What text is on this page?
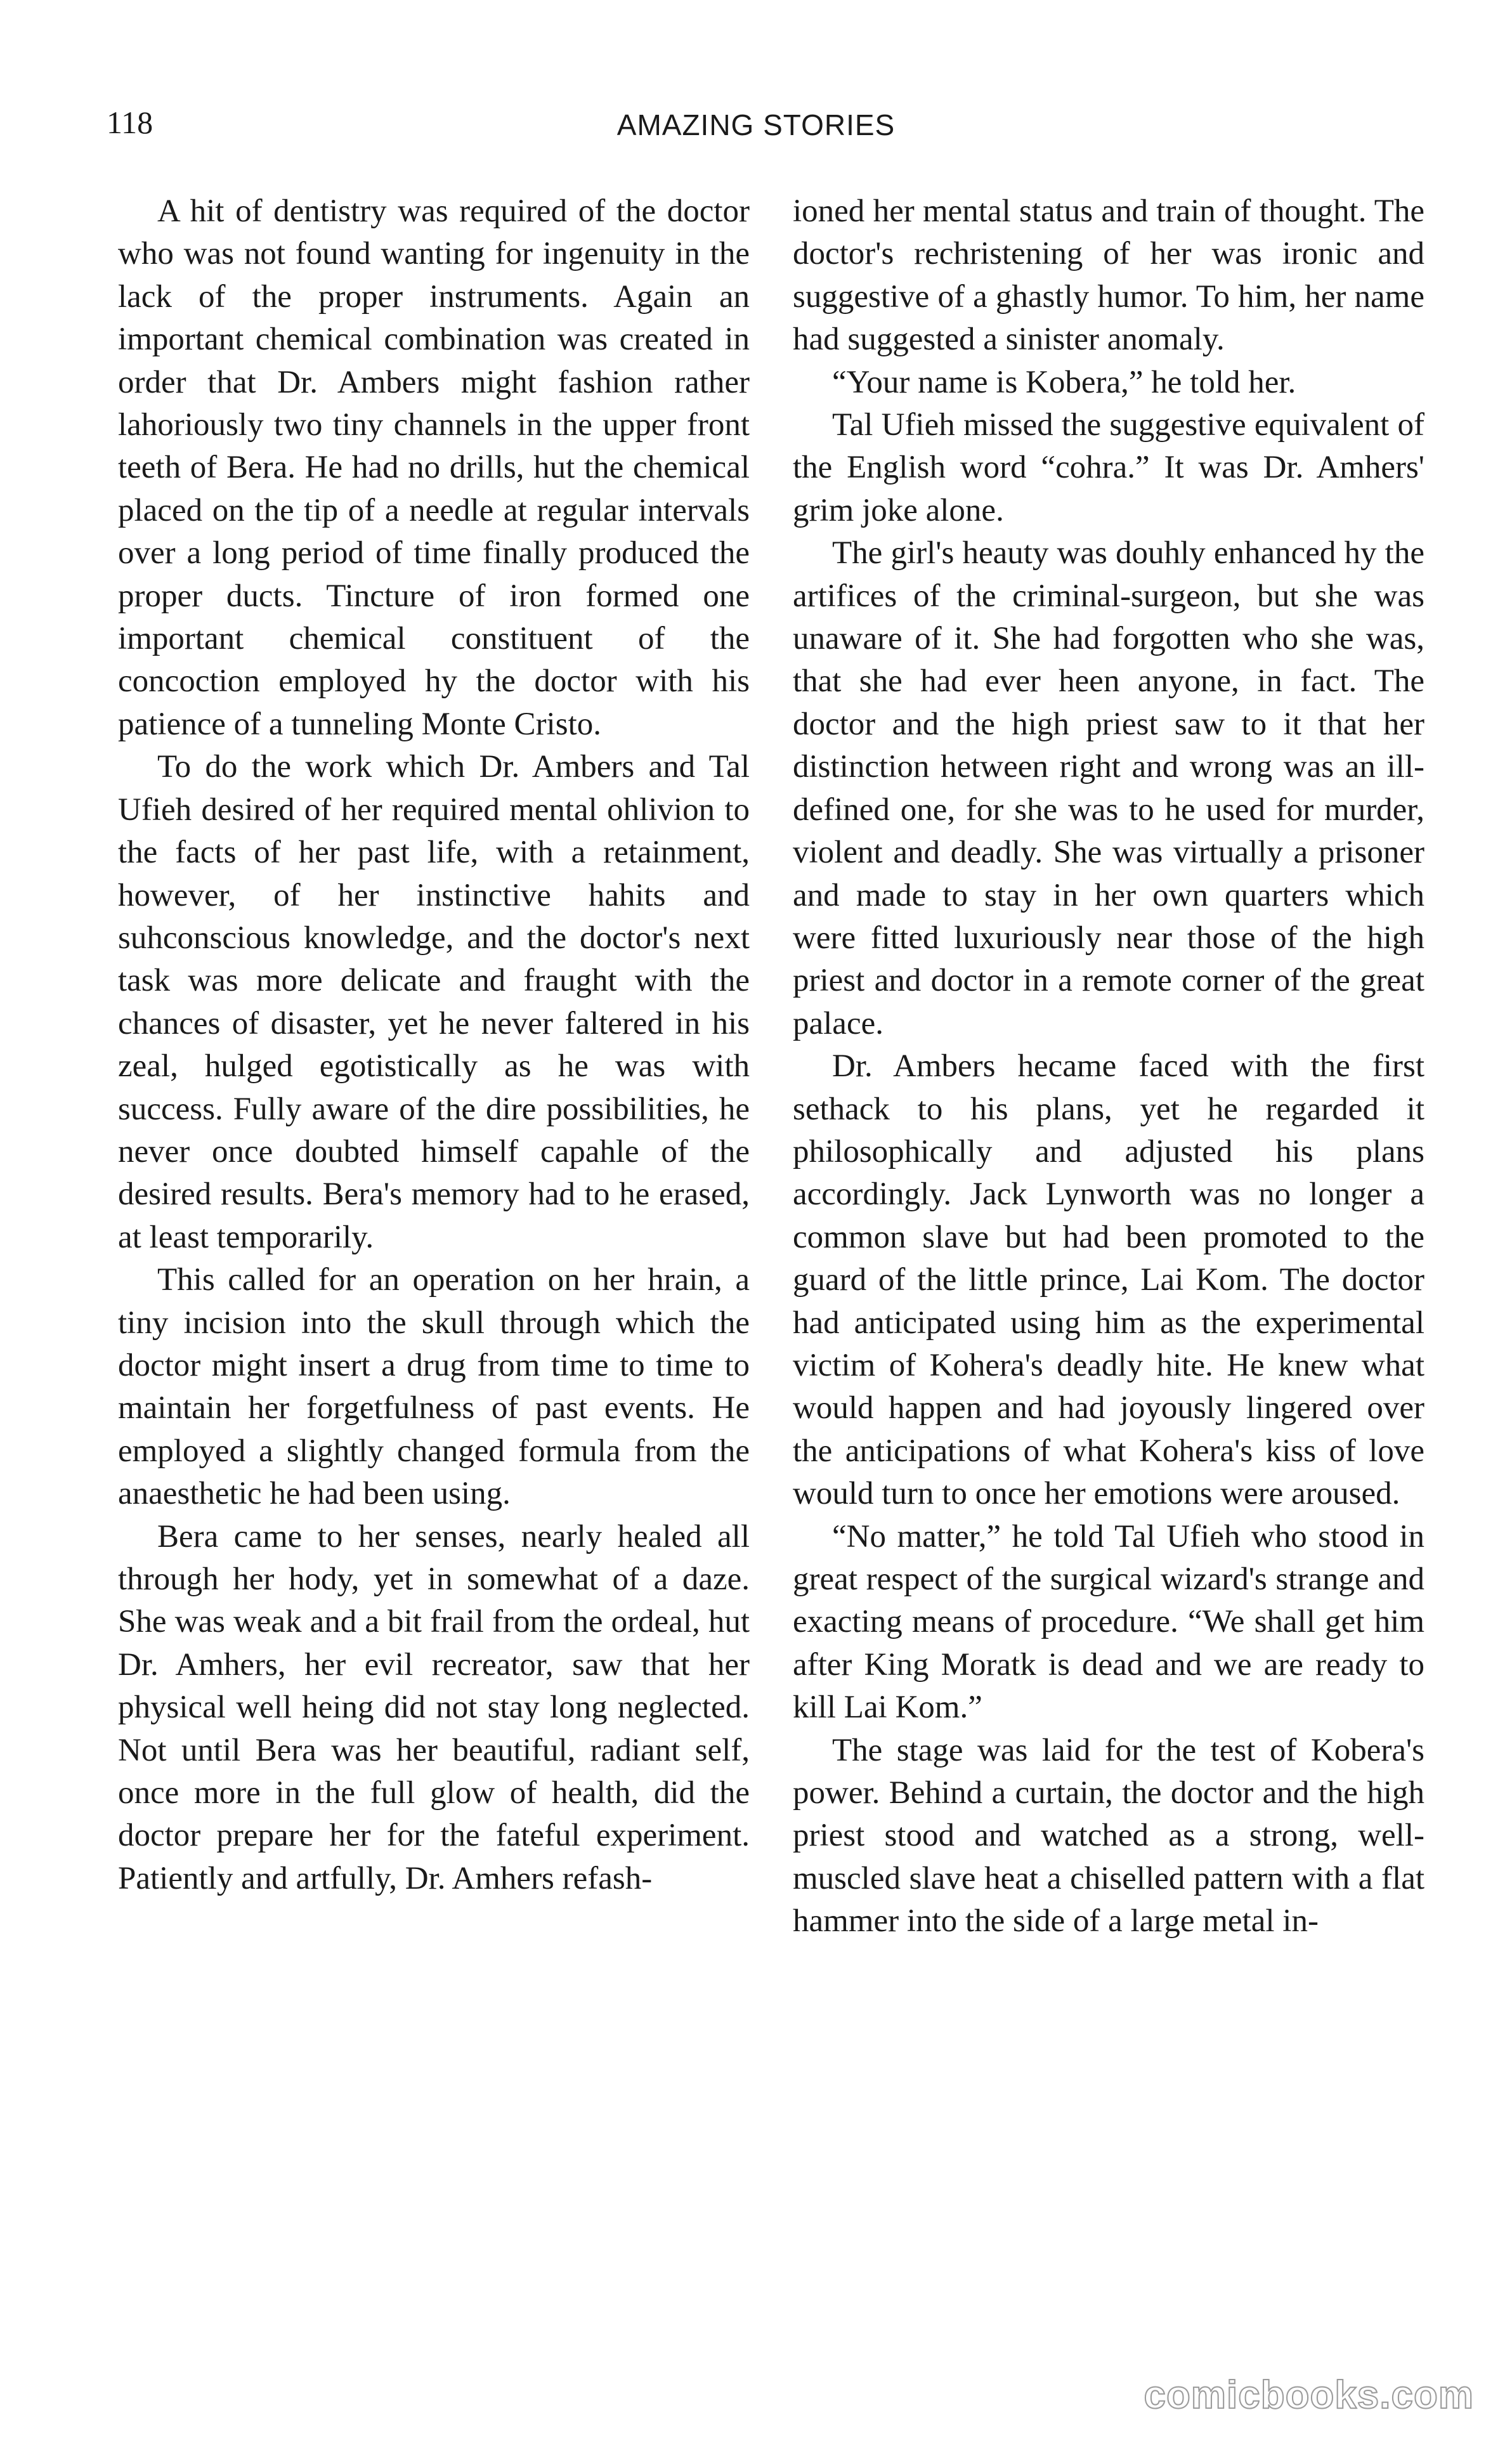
118	AMAZING STORIES

A hit of dentistry was required of the doctor who was not found wanting for ingenuity in the lack of the proper instruments. Again an important chemical combination was created in order that Dr. Ambers might fashion rather lahoriously two tiny channels in the upper front teeth of Bera. He had no drills, hut the chemical placed on the tip of a needle at regular intervals over a long period of time finally produced the proper ducts. Tincture of iron formed one important chemical constituent of the concoction employed hy the doctor with his patience of a tunneling Monte Cristo.

To do the work which Dr. Ambers and Tal Ufieh desired of her required mental ohlivion to the facts of her past life, with a retainment, however, of her instinctive hahits and suhconscious knowledge, and the doctor's next task was more delicate and fraught with the chances of disaster, yet he never faltered in his zeal, hulged egotistically as he was with success. Fully aware of the dire possibilities, he never once doubted himself capahle of the desired results. Bera's memory had to he erased, at least temporarily.

This called for an operation on her hrain, a tiny incision into the skull through which the doctor might insert a drug from time to time to maintain her forgetfulness of past events. He employed a slightly changed formula from the anaesthetic he had been using.

Bera came to her senses, nearly healed all through her hody, yet in somewhat of a daze. She was weak and a bit frail from the ordeal, hut Dr. Amhers, her evil recreator, saw that her physical well heing did not stay long neglected. Not until Bera was her beautiful, radiant self, once more in the full glow of health, did the doctor prepare her for the fateful experiment. Patiently and artfully, Dr. Amhers refash-

ioned her mental status and train of thought. The doctor's rechristening of her was ironic and suggestive of a ghastly humor. To him, her name had suggested a sinister anomaly.

“Your name is Kobera,” he told her.

Tal Ufieh missed the suggestive equivalent of the English word “cohra.” It was Dr. Amhers' grim joke alone.

The girl's heauty was douhly enhanced hy the artifices of the criminal-surgeon, but she was unaware of it. She had forgotten who she was, that she had ever heen anyone, in fact. The doctor and the high priest saw to it that her distinction hetween right and wrong was an ill-defined one, for she was to he used for murder, violent and deadly. She was virtually a prisoner and made to stay in her own quarters which were fitted luxuriously near those of the high priest and doctor in a remote corner of the great palace.

Dr. Ambers hecame faced with the first sethack to his plans, yet he regarded it philosophically and adjusted his plans accordingly. Jack Lynworth was no longer a common slave but had been promoted to the guard of the little prince, Lai Kom. The doctor had anticipated using him as the experimental victim of Kohera's deadly hite. He knew what would happen and had joyously lingered over the anticipations of what Kohera's kiss of love would turn to once her emotions were aroused.

“No matter,” he told Tal Ufieh who stood in great respect of the surgical wizard's strange and exacting means of procedure. “We shall get him after King Moratk is dead and we are ready to kill Lai Kom.”

The stage was laid for the test of Kobera's power. Behind a curtain, the doctor and the high priest stood and watched as a strong, well-muscled slave heat a chiselled pattern with a flat hammer into the side of a large metal in-

comicbooks.com
